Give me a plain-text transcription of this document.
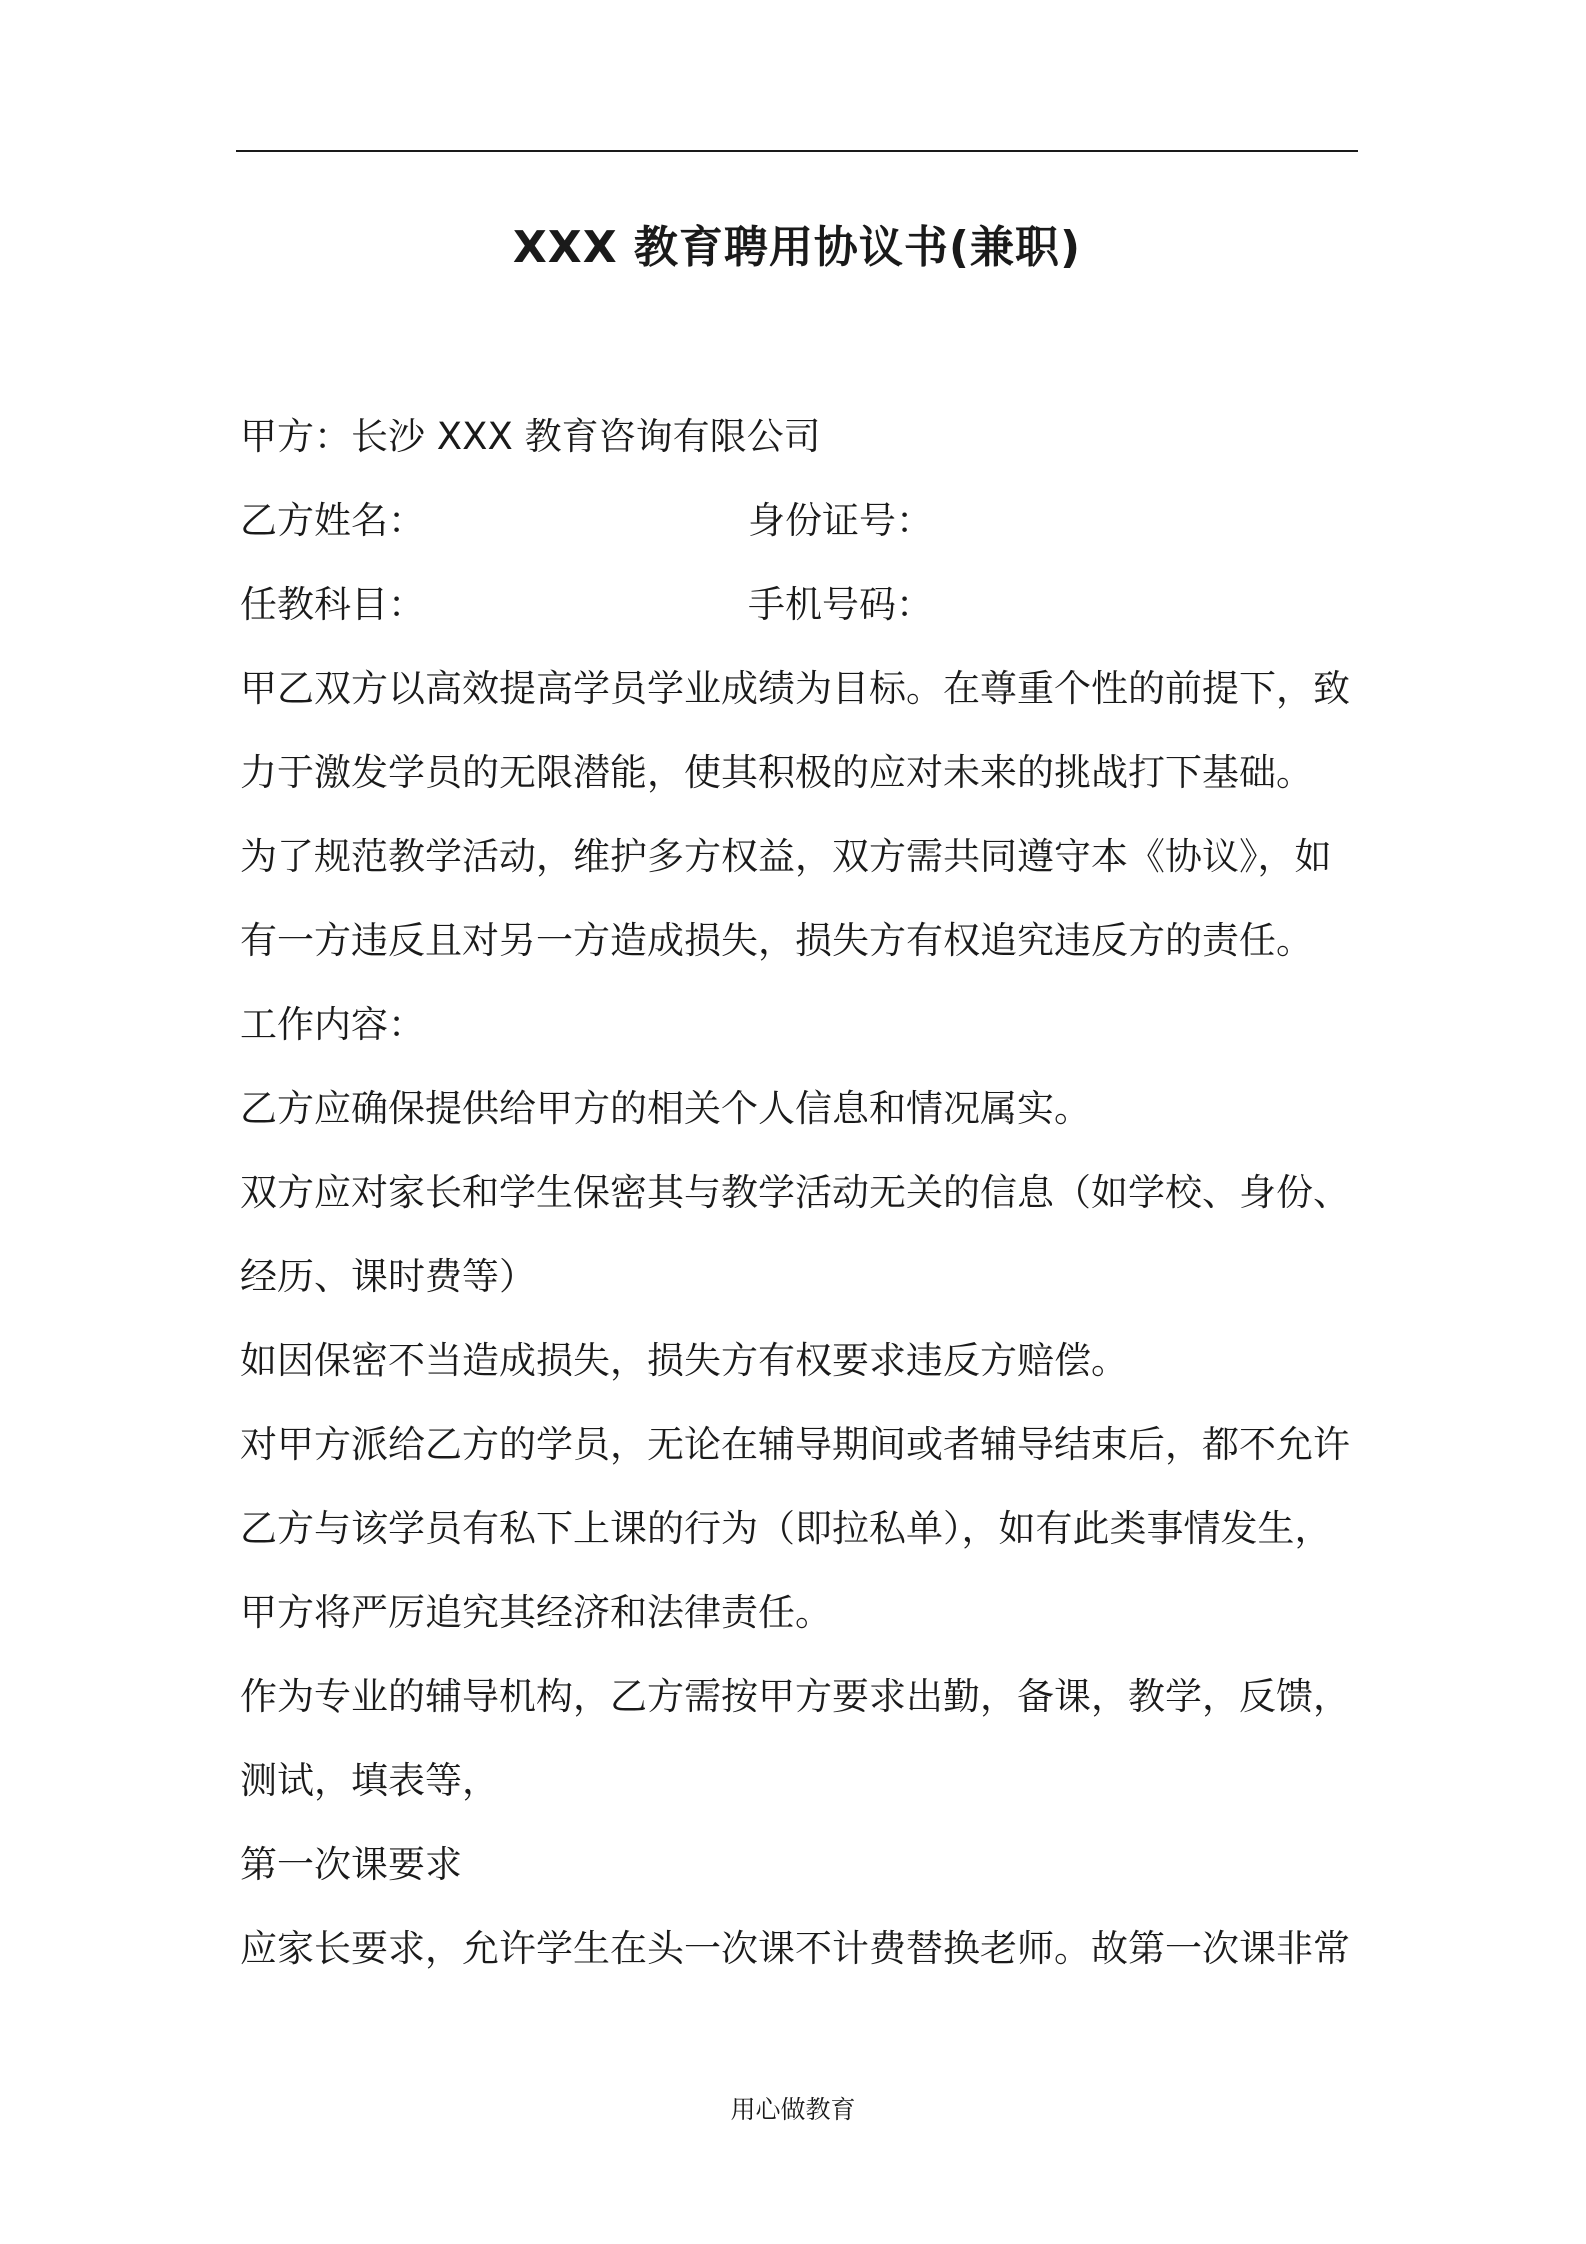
XXX 教育聘用协议书(兼职)
甲方：长沙 XXX 教育咨询有限公司
乙方姓名：	身份证号：
任教科目：	手机号码：
甲乙双方以高效提高学员学业成绩为目标。在尊重个性的前提下，致
力于激发学员的无限潜能，使其积极的应对未来的挑战打下基础。
为了规范教学活动，维护多方权益，双方需共同遵守本《协议》，如
有一方违反且对另一方造成损失，损失方有权追究违反方的责任。
工作内容：
乙方应确保提供给甲方的相关个人信息和情况属实。
双方应对家长和学生保密其与教学活动无关的信息（如学校、身份、
经历、课时费等）
如因保密不当造成损失，损失方有权要求违反方赔偿。
对甲方派给乙方的学员，无论在辅导期间或者辅导结束后，都不允许
乙方与该学员有私下上课的行为（即拉私单），如有此类事情发生，
甲方将严厉追究其经济和法律责任。
作为专业的辅导机构，乙方需按甲方要求出勤，备课，教学，反馈，
测试，填表等，
第一次课要求
应家长要求，允许学生在头一次课不计费替换老师。故第一次课非常
用心做教育
